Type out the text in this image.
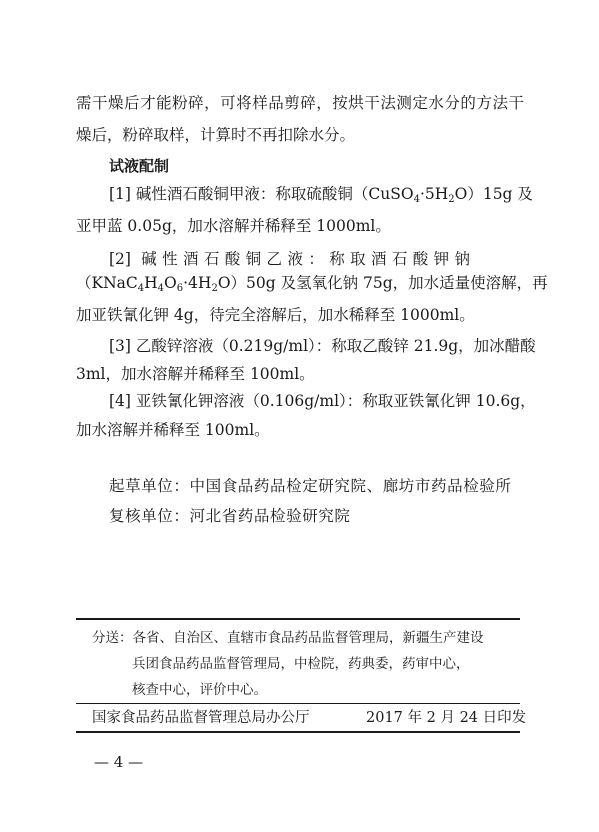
需干燥后才能粉碎，可将样品剪碎，按烘干法测定水分的方法干
燥后，粉碎取样，计算时不再扣除水分。
试液配制
[1] 碱性酒石酸铜甲液：称取硫酸铜$(CuSO_4\cdot 5H_2O)15g$ 及
亚甲蓝 0.05g，加水溶解并稀释至 1000ml。
[2] 碱性酒石酸铜乙液：称取酒石酸钾钠
$(KNaC_4H_4O_6\cdot 4H_2O)50g$ 及氢氧化钠 75g，加水适量使溶解，再
加亚铁氰化钾 4g，待完全溶解后，加水稀释至 1000ml。
[3] 乙酸锌溶液（0.219g/ml）：称取乙酸锌 21.9g，加冰醋酸
3ml，加水溶解并稀释至 100ml。
[4] 亚铁氰化钾溶液（0.106g/ml）：称取亚铁氰化钾 10.6g，
加水溶解并稀释至 100ml。
起草单位：中国食品药品检定研究院、廊坊市药品检验所
复核单位：河北省药品检验研究院
分送：各省、自治区、直辖市食品药品监督管理局，新疆生产建设
兵团食品药品监督管理局，中检院，药典委，药审中心，
核查中心，评价中心。
国家食品药品监督管理总局办公厅	2017 年 2 月 24 日印发
— 4 —
